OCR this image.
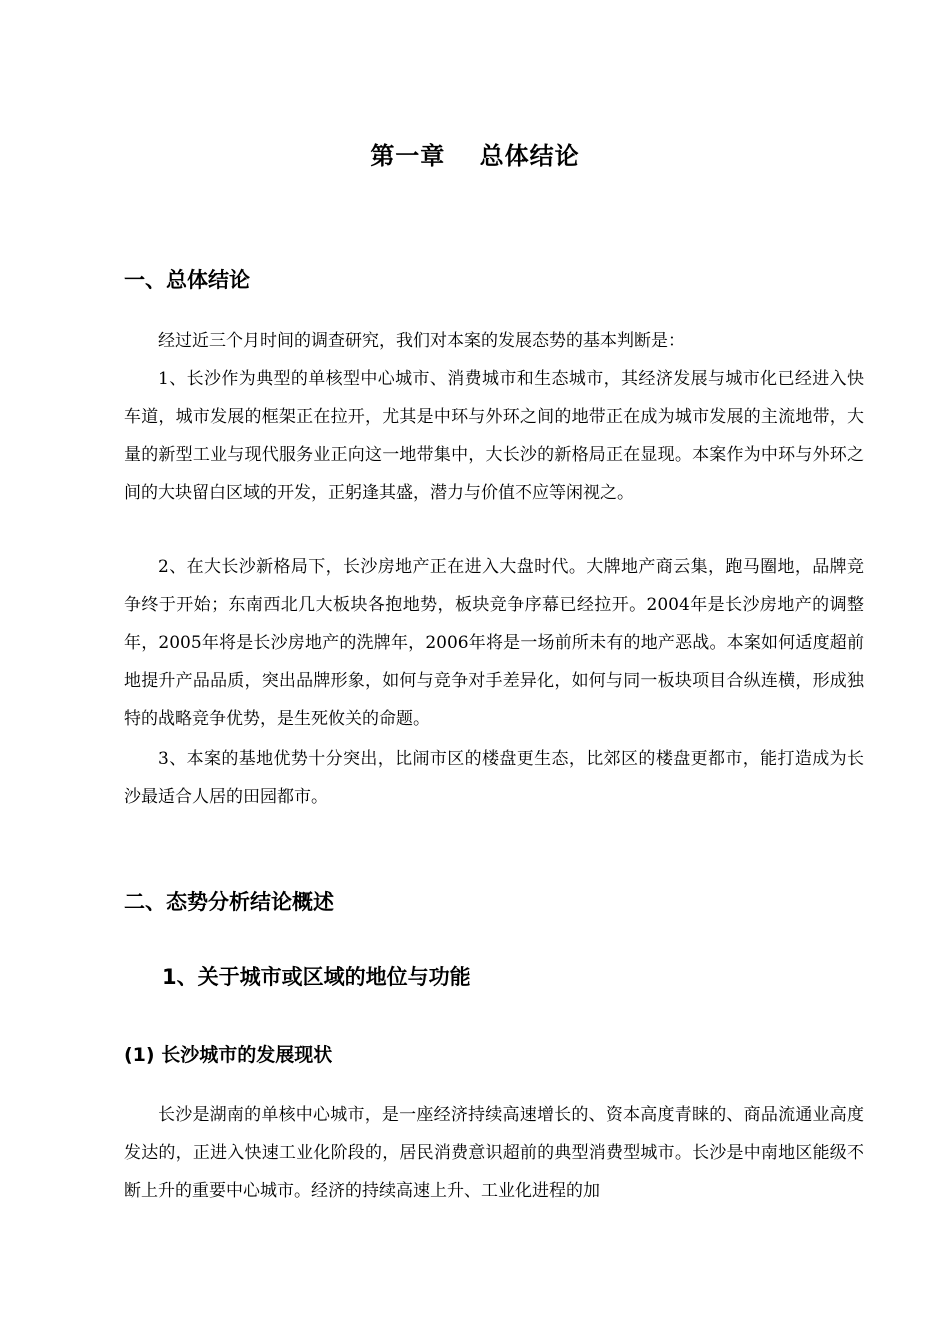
第一章　 总体结论
一、总体结论

经过近三个月时间的调查研究，我们对本案的发展态势的基本判断是：

1、长沙作为典型的单核型中心城市、消费城市和生态城市，其经济发展与城市化已经进入快车道，城市发展的框架正在拉开，尤其是中环与外环之间的地带正在成为城市发展的主流地带，大量的新型工业与现代服务业正向这一地带集中，大长沙的新格局正在显现。本案作为中环与外环之间的大块留白区域的开发，正躬逢其盛，潜力与价值不应等闲视之。

2、在大长沙新格局下，长沙房地产正在进入大盘时代。大牌地产商云集，跑马圈地，品牌竞争终于开始；东南西北几大板块各抱地势，板块竞争序幕已经拉开。2004年是长沙房地产的调整年，2005年将是长沙房地产的洗牌年，2006年将是一场前所未有的地产恶战。本案如何适度超前地提升产品品质，突出品牌形象，如何与竞争对手差异化，如何与同一板块项目合纵连横，形成独特的战略竞争优势，是生死攸关的命题。

3、本案的基地优势十分突出，比闹市区的楼盘更生态，比郊区的楼盘更都市，能打造成为长沙最适合人居的田园都市。

二、态势分析结论概述
1、关于城市或区域的地位与功能
(1) 长沙城市的发展现状

长沙是湖南的单核中心城市，是一座经济持续高速增长的、资本高度青睐的、商品流通业高度发达的，正进入快速工业化阶段的，居民消费意识超前的典型消费型城市。长沙是中南地区能级不断上升的重要中心城市。经济的持续高速上升、工业化进程的加
